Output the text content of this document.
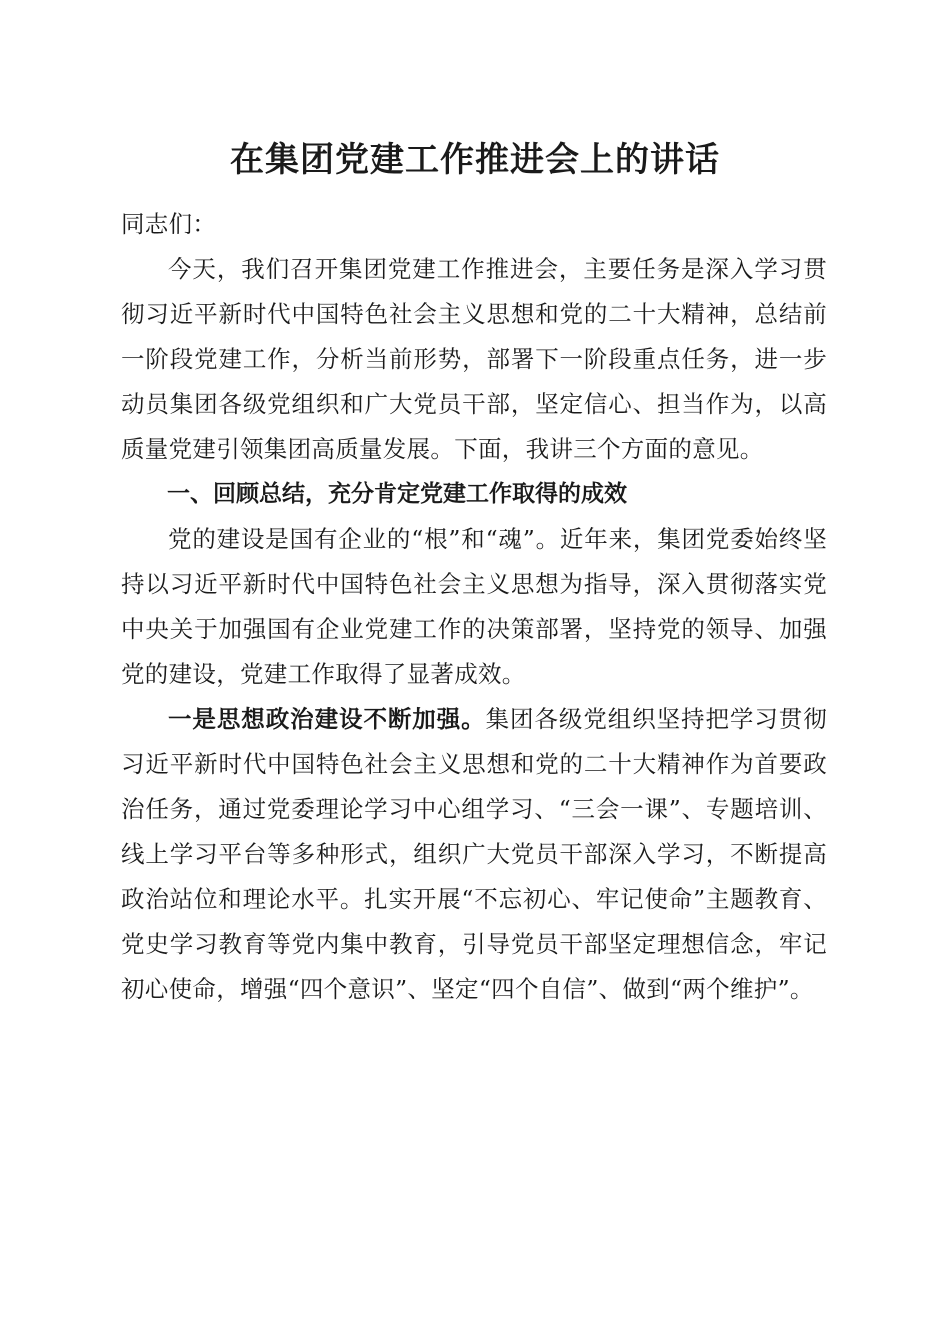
在集团党建工作推进会上的讲话

同志们：

今天，我们召开集团党建工作推进会，主要任务是深入学习贯彻习近平新时代中国特色社会主义思想和党的二十大精神，总结前一阶段党建工作，分析当前形势，部署下一阶段重点任务，进一步动员集团各级党组织和广大党员干部，坚定信心、担当作为，以高质量党建引领集团高质量发展。下面，我讲三个方面的意见。

一、回顾总结，充分肯定党建工作取得的成效

党的建设是国有企业的“根”和“魂”。近年来，集团党委始终坚持以习近平新时代中国特色社会主义思想为指导，深入贯彻落实党中央关于加强国有企业党建工作的决策部署，坚持党的领导、加强党的建设，党建工作取得了显著成效。

一是思想政治建设不断加强。集团各级党组织坚持把学习贯彻习近平新时代中国特色社会主义思想和党的二十大精神作为首要政治任务，通过党委理论学习中心组学习、“三会一课”、专题培训、线上学习平台等多种形式，组织广大党员干部深入学习，不断提高政治站位和理论水平。扎实开展“不忘初心、牢记使命”主题教育、党史学习教育等党内集中教育，引导党员干部坚定理想信念，牢记初心使命，增强“四个意识”、坚定“四个自信”、做到“两个维护”。
